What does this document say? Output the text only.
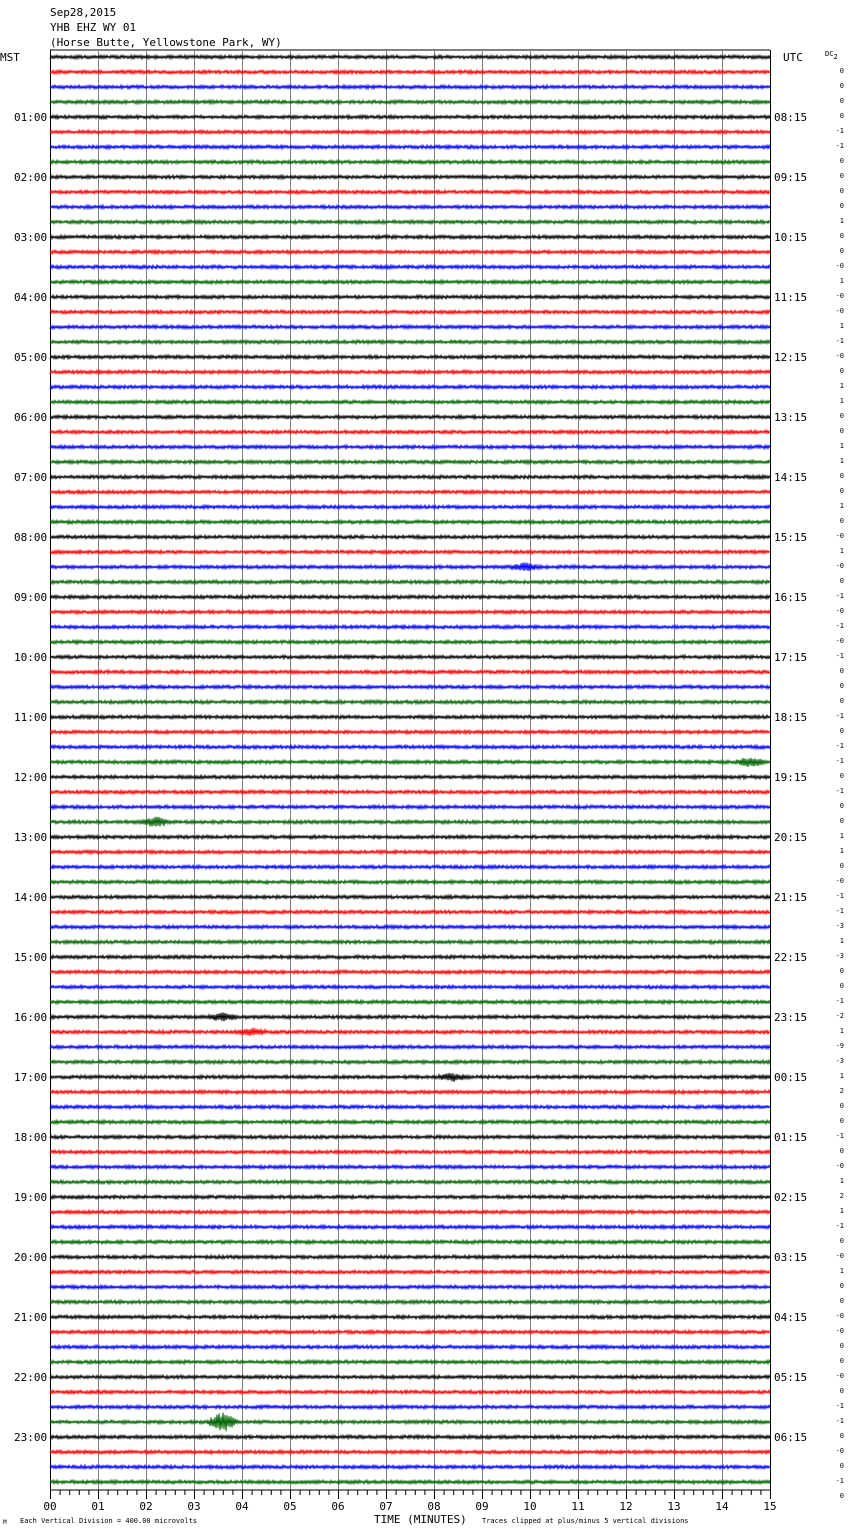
Sep28,2015
YHB EHZ WY 01
(Horse Butte, Yellowstone Park, WY)
MST	UTC	DC2
01:00
02:00
03:00
04:00
05:00
06:00
07:00
08:00
09:00
10:00
11:00
12:00
13:00
14:00
15:00
16:00
17:00
18:00
19:00
20:00
21:00
22:00
23:00
08:15
09:15
10:15
11:15
12:15
13:15
14:15
15:15
16:15
17:15
18:15
19:15
20:15
21:15
22:15
23:15
00:15
01:15
02:15
03:15
04:15
05:15
06:15
0
0
0
0
-1
-1
0
0
0
0
1
0
0
-0
1
-0
-0
1
-1
-0
0
1
1
0
0
1
1
0
0
1
0
-0
1
-0
0
-1
-0
-1
-0
-1
0
0
0
-1
0
-1
-1
0
-1
0
0
1
1
0
-0
-1
-1
-3
1
-3
0
0
-1
-2
1
-9
-3
1
2
0
0
-1
0
-0
1
2
1
-1
0
-0
1
0
0
-0
-0
0
0
-0
0
-1
-1
0
-0
0
-1
0
00	01	02	03	04	05	06	07	08	09	10	11	12	13	14	15
M Each Vertical Division = 400.00 microvolts	TIME (MINUTES) Traces clipped at plus/minus 5 vertical divisions
